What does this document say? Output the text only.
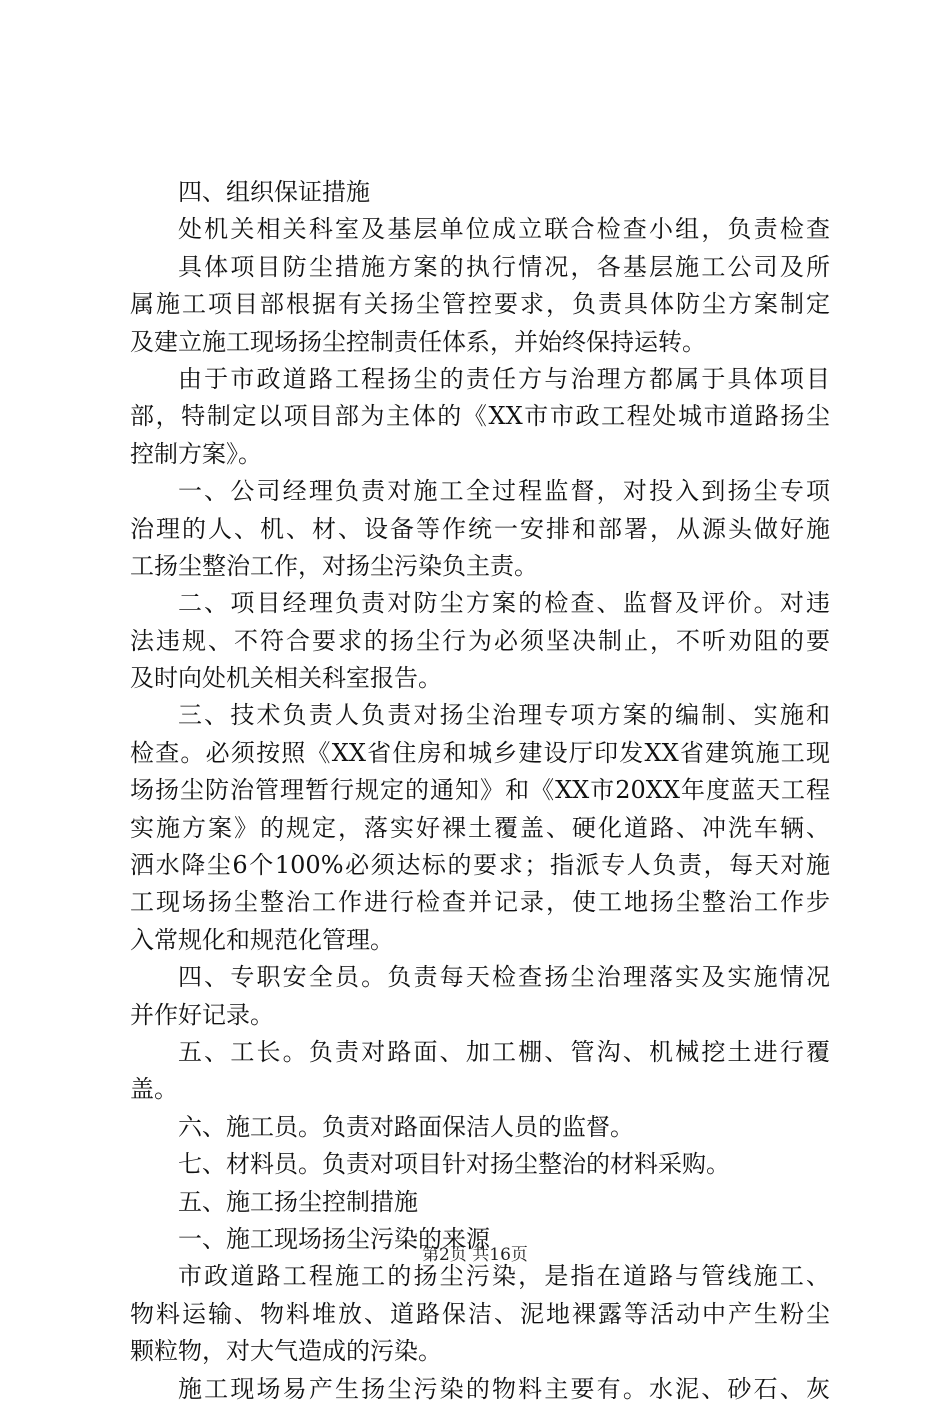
四、组织保证措施
处机关相关科室及基层单位成立联合检查小组，负责检查
具体项目防尘措施方案的执行情况，各基层施工公司及所
属施工项目部根据有关扬尘管控要求，负责具体防尘方案制定
及建立施工现场扬尘控制责任体系，并始终保持运转。
由于市政道路工程扬尘的责任方与治理方都属于具体项目
部，特制定以项目部为主体的《XX市市政工程处城市道路扬尘
控制方案》。
一、公司经理负责对施工全过程监督，对投入到扬尘专项
治理的人、机、材、设备等作统一安排和部署，从源头做好施
工扬尘整治工作，对扬尘污染负主责。
二、项目经理负责对防尘方案的检查、监督及评价。对违
法违规、不符合要求的扬尘行为必须坚决制止，不听劝阻的要
及时向处机关相关科室报告。
三、技术负责人负责对扬尘治理专项方案的编制、实施和
检查。必须按照《XX省住房和城乡建设厅印发XX省建筑施工现
场扬尘防治管理暂行规定的通知》和《XX市20XX年度蓝天工程
实施方案》的规定，落实好裸土覆盖、硬化道路、冲洗车辆、
洒水降尘6个100%必须达标的要求；指派专人负责，每天对施
工现场扬尘整治工作进行检查并记录，使工地扬尘整治工作步
入常规化和规范化管理。
四、专职安全员。负责每天检查扬尘治理落实及实施情况
并作好记录。
五、工长。负责对路面、加工棚、管沟、机械挖土进行覆
盖。
六、施工员。负责对路面保洁人员的监督。
七、材料员。负责对项目针对扬尘整治的材料采购。
五、施工扬尘控制措施
一、施工现场扬尘污染的来源
市政道路工程施工的扬尘污染，是指在道路与管线施工、
物料运输、物料堆放、道路保洁、泥地裸露等活动中产生粉尘
颗粒物，对大气造成的污染。
施工现场易产生扬尘污染的物料主要有。水泥、砂石、灰
第2页 共16页
